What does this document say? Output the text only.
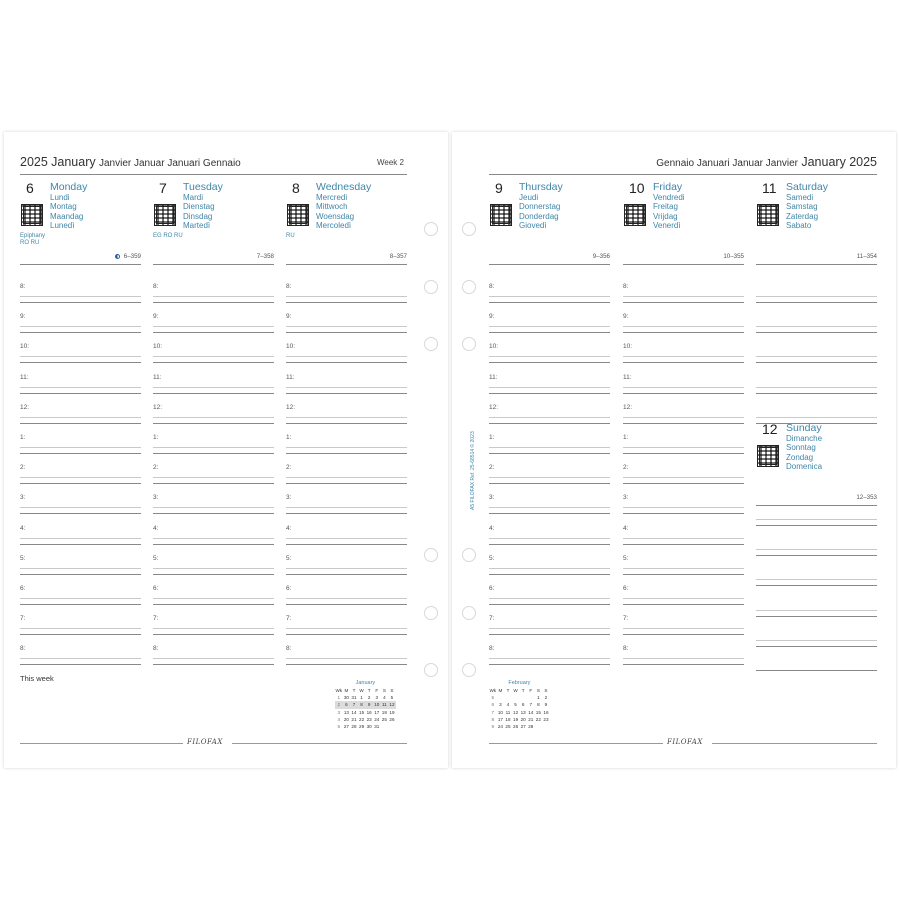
2025 January Janvier Januar Januari Gennaio	Week 2	Gennaio Januari Januar Janvier January 2025
6 Monday
Lundi
Montag
Maandag
Lunedì
Epiphany
RO RU
6–359
8:
9:
10:
11:
12:
1:
2:
3:
4:
5:
6:
7:
8:
7 Tuesday
Mardi
Dienstag
Dinsdag
Martedì
EG RO RU
7–358
8:
9:
10:
11:
12:
1:
2:
3:
4:
5:
6:
7:
8:
8 Wednesday
Mercredi
Mittwoch
Woensdag
Mercoledì
RU
8–357
8:
9:
10:
11:
12:
1:
2:
3:
4:
5:
6:
7:
8:
9 Thursday
Jeudi
Donnerstag
Donderdag
Giovedì
9–356
8:
9:
10:
11:
12:
1:
2:
3:
4:
5:
6:
7:
8:
10 Friday
Vendredi
Freitag
Vrijdag
Venerdì
10–355
8:
9:
10:
11:
12:
1:
2:
3:
4:
5:
6:
7:
8:
11 Saturday
Samedi
Samstag
Zaterdag
Sabato
11–354
12 Sunday
Dimanche
Sonntag
Zondag
Domenica
12–353
A5 FILOFAX Ref. 25-68514 © 2023
This week	January
Wk	M	T	W	T	F	S	S
1	30	31	1	2	3	4	5
2	6	7	8	9	10	11	12
3	13	14	15	16	17	18	19
4	20	21	22	23	24	25	26
5	27	28	29	30	31		
February
Wk	M	T	W	T	F	S	S
5						1	2
6	3	4	5	6	7	8	9
7	10	11	12	13	14	15	16
8	17	18	19	20	21	22	23
9	24	25	26	27	28		
FILOFAX	FILOFAX
